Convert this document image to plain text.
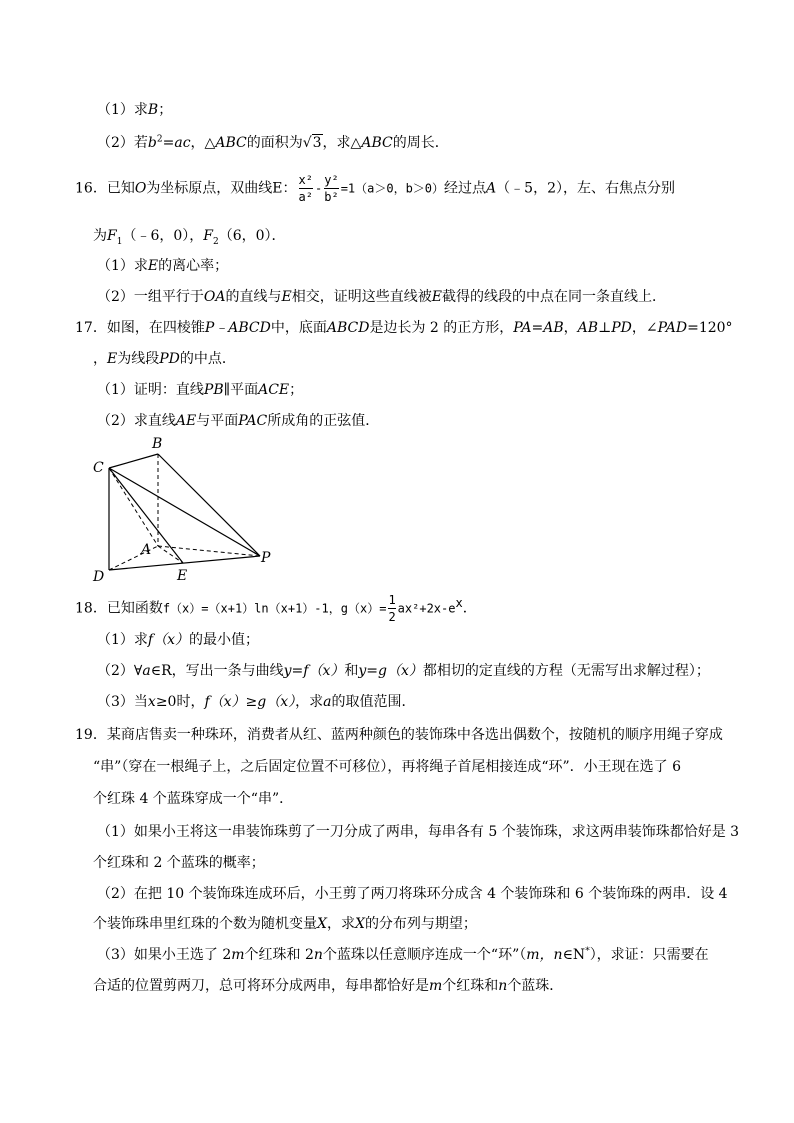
（1）求B；
（2）若$b^2=ac$，△ABC的面积为√3，求△ABC的周长．
16．已知O为坐标原点，双曲线E： $\frac{\text{x²}}{\text{a²}} - \frac{\text{y²}}{\text{b²}} =1(a>0$，b＞0）经过点A（﹣5，2），左、右焦点分别
为$F_1(﹣6$，0），$F_2(6$，0）．
（1）求E的离心率；
（2）一组平行于OA的直线与E相交，证明这些直线被E截得的线段的中点在同一条直线上．
17．如图，在四棱锥P﹣ABCD中，底面ABCD是边长为 2 的正方形，PA=AB，AB⊥PD，∠PAD=120°
，E为线段PD的中点．
（1）证明：直线PB∥平面ACE；
（2）求直线AE与平面PAC所成角的正弦值．
B
C
A
D	E
P
18．已知函数f（x）=（x+1）ln（x+1）-1，$g(x)= \frac{1}{2} ax^2+2x-e^x$．
（1）求f（x）的最小值；
（2）∀a∈R，写出一条与曲线y=f（x）和y=g（x）都相切的定直线的方程（无需写出求解过程）；
（3）当x≥0时，f（x）≥g（x），求a的取值范围．
19．某商店售卖一种珠环，消费者从红、蓝两种颜色的装饰珠中各选出偶数个，按随机的顺序用绳子穿成
“串”（穿在一根绳子上，之后固定位置不可移位），再将绳子首尾相接连成“环”．小王现在选了 6
个红珠 4 个蓝珠穿成一个“串”．
（1）如果小王将这一串装饰珠剪了一刀分成了两串，每串各有 5 个装饰珠，求这两串装饰珠都恰好是 3
个红珠和 2 个蓝珠的概率；
（2）在把 10 个装饰珠连成环后，小王剪了两刀将珠环分成含 4 个装饰珠和 6 个装饰珠的两串．设 4
个装饰珠串里红珠的个数为随机变量X，求X的分布列与期望；
（3）如果小王选了 2m个红珠和 2n个蓝珠以任意顺序连成一个“环”（m，n∈N*），求证：只需要在
合适的位置剪两刀，总可将环分成两串，每串都恰好是m个红珠和n个蓝珠．
